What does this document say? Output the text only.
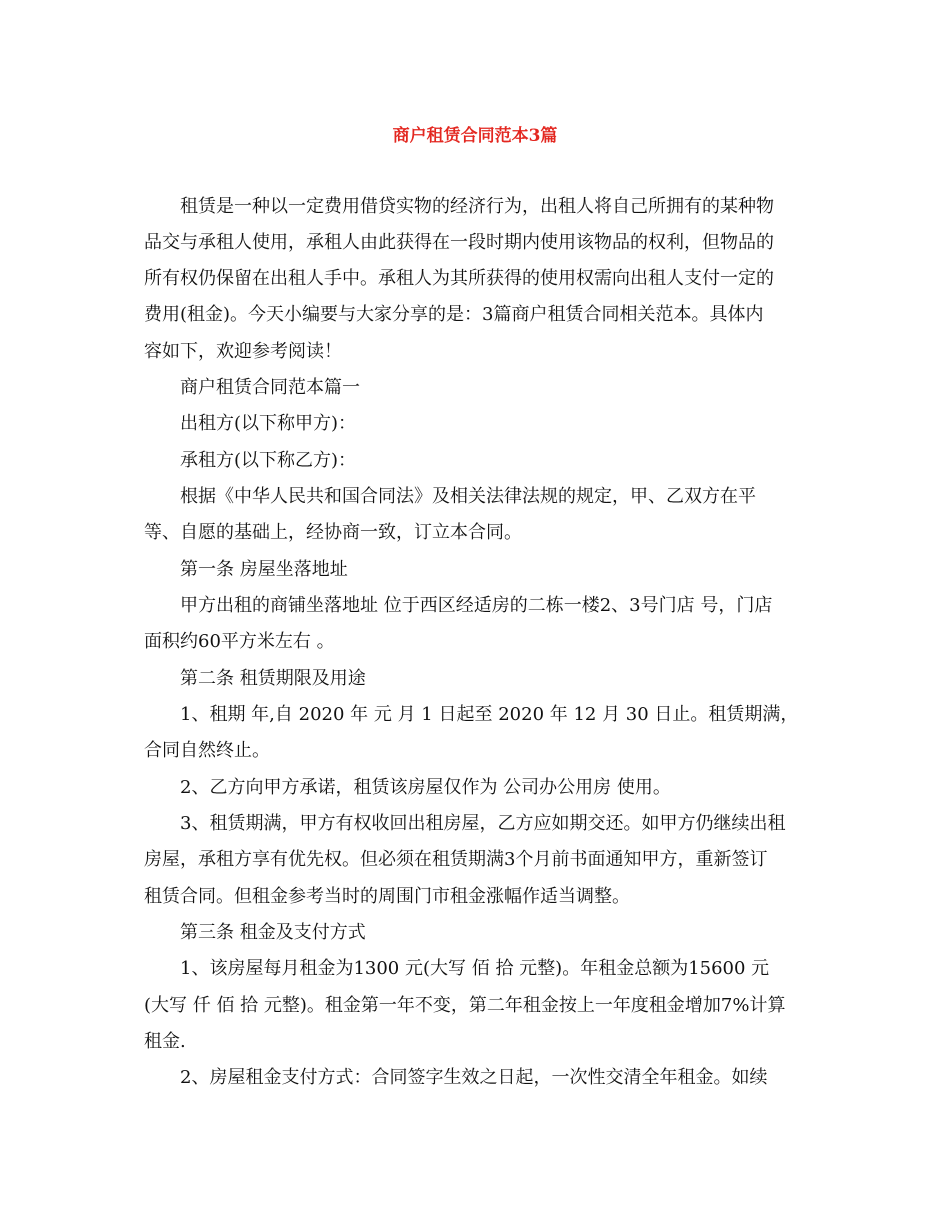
商户租赁合同范本3篇
租赁是一种以一定费用借贷实物的经济行为，出租人将自己所拥有的某种物
品交与承租人使用，承租人由此获得在一段时期内使用该物品的权利，但物品的
所有权仍保留在出租人手中。承租人为其所获得的使用权需向出租人支付一定的
费用(租金)。今天小编要与大家分享的是：3篇商户租赁合同相关范本。具体内
容如下，欢迎参考阅读！
商户租赁合同范本篇一
出租方(以下称甲方)：
承租方(以下称乙方)：
根据《中华人民共和国合同法》及相关法律法规的规定，甲、乙双方在平
等、自愿的基础上，经协商一致，订立本合同。
第一条 房屋坐落地址
甲方出租的商铺坐落地址 位于西区经适房的二栋一楼2、3号门店 号，门店
面积约60平方米左右 。
第二条 租赁期限及用途
1、租期 年,自 2020 年 元 月 1 日起至 2020 年 12 月 30 日止。租赁期满，
合同自然终止。
2、乙方向甲方承诺，租赁该房屋仅作为 公司办公用房 使用。
3、租赁期满，甲方有权收回出租房屋，乙方应如期交还。如甲方仍继续出租
房屋，承租方享有优先权。但必须在租赁期满3个月前书面通知甲方，重新签订
租赁合同。但租金参考当时的周围门市租金涨幅作适当调整。
第三条 租金及支付方式
1、该房屋每月租金为1300 元(大写 佰 拾 元整)。年租金总额为15600 元
(大写 仟 佰 拾 元整)。租金第一年不变，第二年租金按上一年度租金增加7%计算
租金.
2、房屋租金支付方式：合同签字生效之日起，一次性交清全年租金。如续
